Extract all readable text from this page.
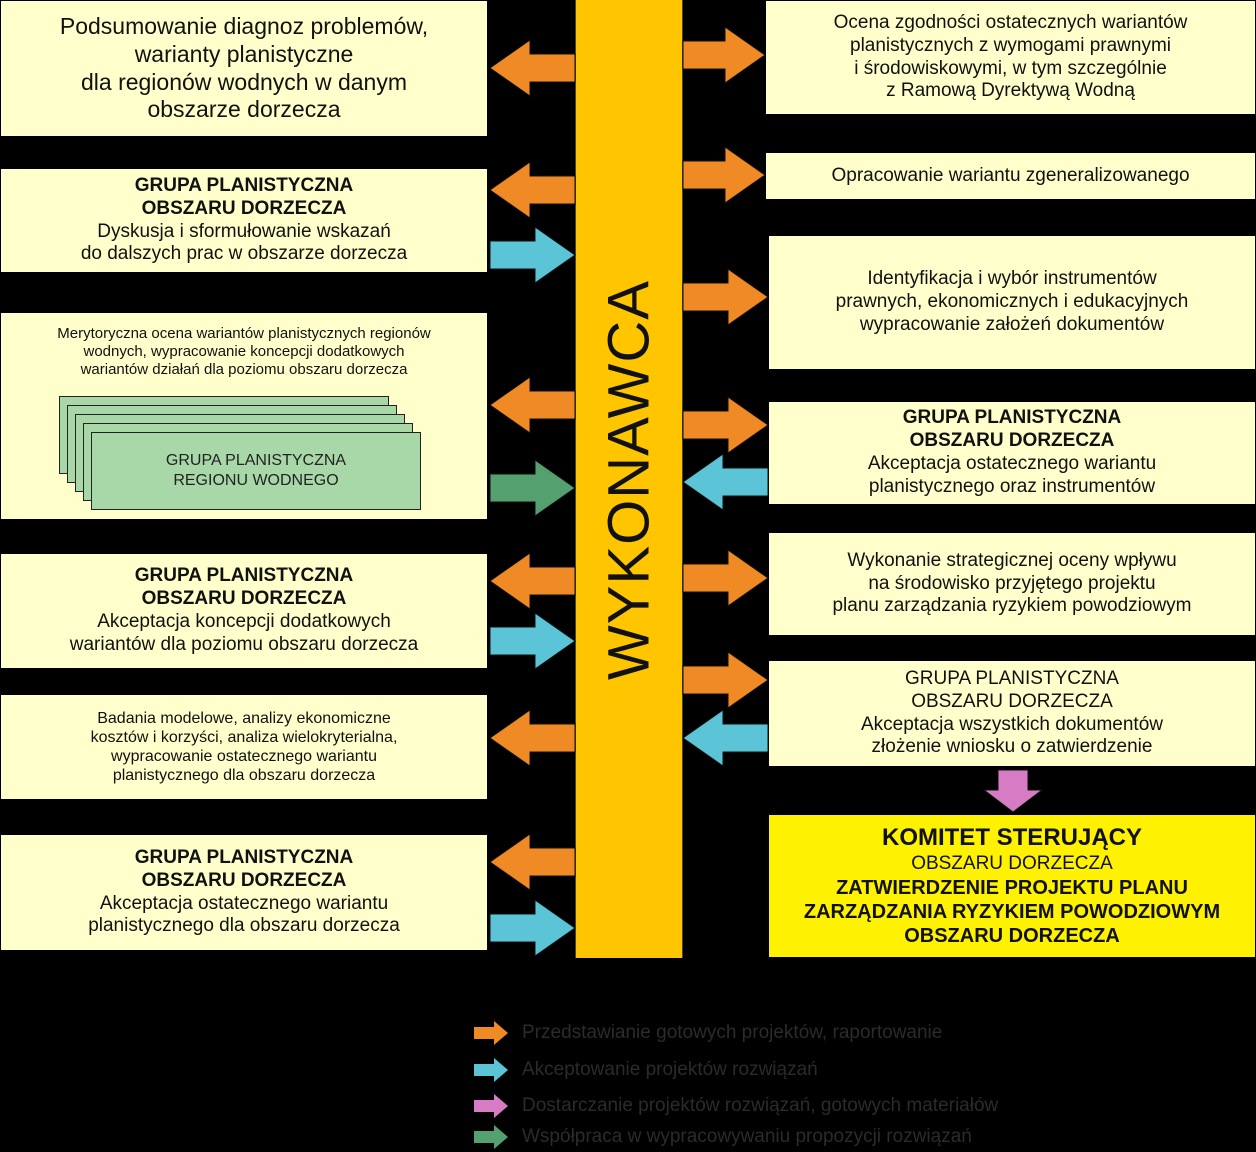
WYKONAWCA
Podsumowanie diagnoz problemów,
warianty planistyczne
dla regionów wodnych w danym
obszarze dorzecza
GRUPA PLANISTYCZNA
OBSZARU DORZECZA
Dyskusja i sformułowanie wskazań
do dalszych prac w obszarze dorzecza
Merytoryczna ocena wariantów planistycznych regionów
wodnych, wypracowanie koncepcji dodatkowych
wariantów działań dla poziomu obszaru dorzecza
GRUPA PLANISTYCZNA
REGIONU WODNEGO
GRUPA PLANISTYCZNA
OBSZARU DORZECZA
Akceptacja koncepcji dodatkowych
wariantów dla poziomu obszaru dorzecza
Badania modelowe, analizy ekonomiczne
kosztów i korzyści, analiza wielokryterialna,
wypracowanie ostatecznego wariantu
planistycznego dla obszaru dorzecza
GRUPA PLANISTYCZNA
OBSZARU DORZECZA
Akceptacja ostatecznego wariantu
planistycznego dla obszaru dorzecza
Ocena zgodności ostatecznych wariantów
planistycznych z wymogami prawnymi
i środowiskowymi, w tym szczególnie
z Ramową Dyrektywą Wodną
Opracowanie wariantu zgeneralizowanego
Identyfikacja i wybór instrumentów
prawnych, ekonomicznych i edukacyjnych
wypracowanie założeń dokumentów
GRUPA PLANISTYCZNA
OBSZARU DORZECZA
Akceptacja ostatecznego wariantu
planistycznego oraz instrumentów
Wykonanie strategicznej oceny wpływu
na środowisko przyjętego projektu
planu zarządzania ryzykiem powodziowym
GRUPA PLANISTYCZNA
OBSZARU DORZECZA
Akceptacja wszystkich dokumentów
złożenie wniosku o zatwierdzenie
KOMITET STERUJĄCY
OBSZARU DORZECZA
ZATWIERDZENIE PROJEKTU PLANU
ZARZĄDZANIA RYZYKIEM POWODZIOWYM
OBSZARU DORZECZA
Przedstawianie gotowych projektów, raportowanie
Akceptowanie projektów rozwiązań
Dostarczanie projektów rozwiązań, gotowych materiałów
Współpraca w wypracowywaniu propozycji rozwiązań
